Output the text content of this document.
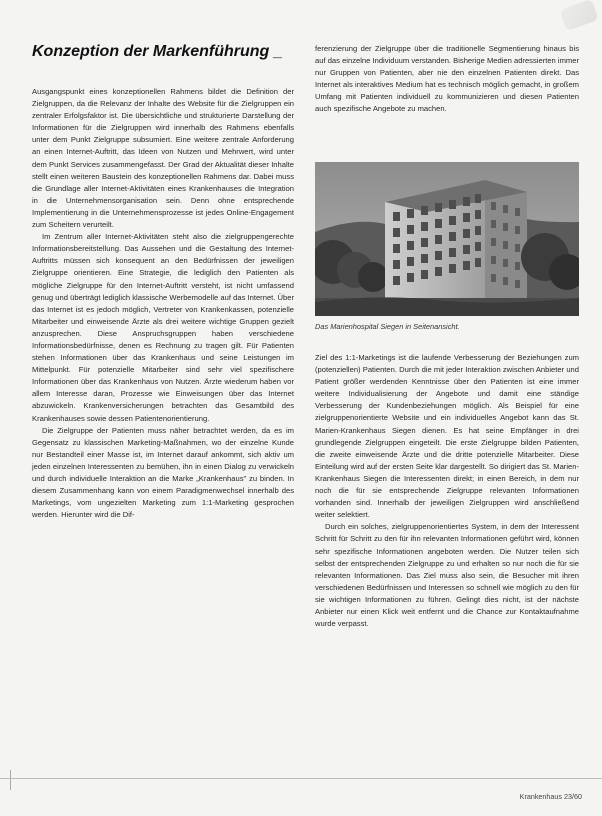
Konzeption der Markenführung _

Ausgangspunkt eines konzeptionellen Rahmens bildet die Definition der Zielgruppen, da die Relevanz der Inhalte des Website für die Zielgruppen ein zentraler Erfolgsfaktor ist. Die übersichtliche und strukturierte Darstellung der Informationen für die Zielgruppen wird innerhalb des Rahmens ebenfalls unter dem Punkt Zielgruppe subsumiert. Eine weitere zentrale Anforderung an einen Internet-Auftritt, das Ideen von Nutzen und Mehrwert, wird unter dem Punkt Services zusammengefasst. Der Grad der Aktualität dieser Inhalte stellt einen weiteren Baustein des konzeptionellen Rahmens dar. Dabei muss die Grundlage aller Internet-Aktivitäten eines Krankenhauses die Integration in die Unternehmensorganisation sein. Denn ohne entsprechende Implementierung in die Unternehmensprozesse ist jedes Online-Engagement zum Scheitern verurteilt.

Im Zentrum aller Internet-Aktivitäten steht also die zielgruppengerechte Informationsbereitstellung. Das Aussehen und die Gestaltung des Internet-Auftritts müssen sich konsequent an den Bedürfnissen der jeweiligen Zielgruppe orientieren. Eine Strategie, die lediglich den Patienten als mögliche Zielgruppe für den Internet-Auftritt versteht, ist nicht umfassend genug und überträgt lediglich klassische Werbemodelle auf das Internet. Über das Internet ist es jedoch möglich, Vertreter von Krankenkassen, potenzielle Mitarbeiter und einweisende Ärzte als drei weitere wichtige Gruppen gezielt anzusprechen. Diese Anspruchsgruppen haben verschiedene Informationsbedürfnisse, denen es Rechnung zu tragen gilt. Für Patienten stehen Informationen über das Krankenhaus und seine Leistungen im Mittelpunkt. Für potenzielle Mitarbeiter sind sehr viel spezifischere Informationen über das Krankenhaus von Nutzen. Ärzte wiederum haben vor allem Interesse daran, Prozesse wie Einweisungen über das Internet abzuwickeln. Krankenversicherungen betrachten das Gesamtbild des Krankenhauses sowie dessen Patientenorientierung.

Die Zielgruppe der Patienten muss näher betrachtet werden, da es im Gegensatz zu klassischen Marketing-Maßnahmen, wo der einzelne Kunde nur Bestandteil einer Masse ist, im Internet darauf ankommt, sich aktiv um jeden einzelnen Interessenten zu bemühen, ihn in einen Dialog zu verwickeln und durch individuelle Interaktion an die Marke „Krankenhaus" zu binden. In diesem Zusammenhang kann von einem Paradigmenwechsel innerhalb des Marketings, vom ungezielten Marketing zum 1:1-Marketing gesprochen werden. Hierunter wird die Dif-

ferenzierung der Zielgruppe über die traditionelle Segmentierung hinaus bis auf das einzelne Individuum verstanden. Bisherige Medien adressierten immer nur Gruppen von Patienten, aber nie den einzelnen Patienten direkt. Das Internet als interaktives Medium hat es technisch möglich gemacht, in großem Umfang mit Patienten individuell zu kommunizieren und diesen Patienten auch spezifische Angebote zu machen.

Das Marienhospital Siegen in Seitenansicht.

Ziel des 1:1-Marketings ist die laufende Verbesserung der Beziehungen zum (potenziellen) Patienten. Durch die mit jeder Interaktion zwischen Anbieter und Patient größer werdenden Kenntnisse über den Patienten ist eine immer weitere Individualisierung der Angebote und damit eine ständige Verbesserung der Kundenbeziehungen möglich. Als Beispiel für eine zielgruppenorientierte Website und ein individuelles Angebot kann das St. Marien-Krankenhaus Siegen dienen. Es hat seine Empfänger in drei grundlegende Zielgruppen eingeteilt. Die erste Zielgruppe bilden Patienten, die zweite einweisende Ärzte und die dritte potenzielle Mitarbeiter. Diese Einteilung wird auf der ersten Seite klar dargestellt. So dirigiert das St. Marien-Krankenhaus Siegen die Interessenten direkt; in einen Bereich, in dem nur noch die für sie entsprechende Zielgruppe relevanten Informationen vorhanden sind. Innerhalb der jeweiligen Zielgruppen wird anschließend weiter selektiert.

Durch ein solches, zielgruppenorientiertes System, in dem der Interessent Schritt für Schritt zu den für ihn relevanten Informationen geführt wird, können sehr spezifische Informationen angeboten werden. Die Nutzer teilen sich selbst der entsprechenden Zielgruppe zu und erhalten so nur noch die für sie relevanten Informationen. Das Ziel muss also sein, die Besucher mit ihren verschiedenen Bedürfnissen und Interessen so schnell wie möglich zu den für sie wichtigen Informationen zu führen. Gelingt dies nicht, ist der nächste Anbieter nur einen Klick weit entfernt und die Chance zur Kontaktaufnahme wurde verpasst.

Krankenhaus 23/60
